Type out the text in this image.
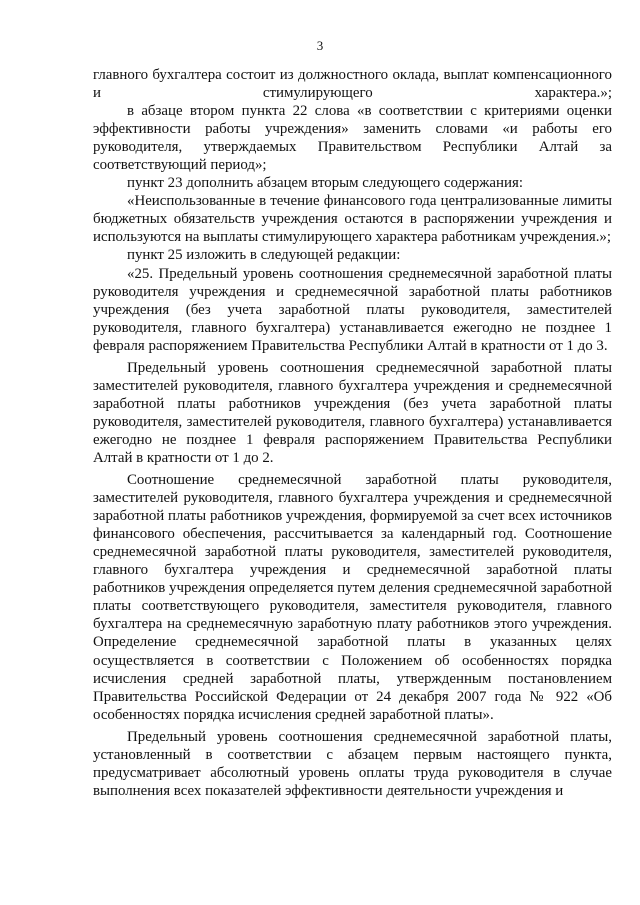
3

главного бухгалтера состоит из должностного оклада, выплат компенсационного и стимулирующего характера.»;

в абзаце втором пункта 22 слова «в соответствии с критериями оценки эффективности работы учреждения» заменить словами «и работы его руководителя, утверждаемых Правительством Республики Алтай за соответствующий период»;

пункт 23 дополнить абзацем вторым следующего содержания:

«Неиспользованные в течение финансового года централизованные лимиты бюджетных обязательств учреждения остаются в распоряжении учреждения и используются на выплаты стимулирующего характера работникам учреждения.»;

пункт 25 изложить в следующей редакции:

«25. Предельный уровень соотношения среднемесячной заработной платы руководителя учреждения и среднемесячной заработной платы работников учреждения (без учета заработной платы руководителя, заместителей руководителя, главного бухгалтера) устанавливается ежегодно не позднее 1 февраля распоряжением Правительства Республики Алтай в кратности от 1 до 3.

Предельный уровень соотношения среднемесячной заработной платы заместителей руководителя, главного бухгалтера учреждения и среднемесячной заработной платы работников учреждения (без учета заработной платы руководителя, заместителей руководителя, главного бухгалтера) устанавливается ежегодно не позднее 1 февраля распоряжением Правительства Республики Алтай в кратности от 1 до 2.

Соотношение среднемесячной заработной платы руководителя, заместителей руководителя, главного бухгалтера учреждения и среднемесячной заработной платы работников учреждения, формируемой за счет всех источников финансового обеспечения, рассчитывается за календарный год. Соотношение среднемесячной заработной платы руководителя, заместителей руководителя, главного бухгалтера учреждения и среднемесячной заработной платы работников учреждения определяется путем деления среднемесячной заработной платы соответствующего руководителя, заместителя руководителя, главного бухгалтера на среднемесячную заработную плату работников этого учреждения. Определение среднемесячной заработной платы в указанных целях осуществляется в соответствии с Положением об особенностях порядка исчисления средней заработной платы, утвержденным постановлением Правительства Российской Федерации от 24 декабря 2007 года № 922 «Об особенностях порядка исчисления средней заработной платы».

Предельный уровень соотношения среднемесячной заработной платы, установленный в соответствии с абзацем первым настоящего пункта, предусматривает абсолютный уровень оплаты труда руководителя в случае выполнения всех показателей эффективности деятельности учреждения и
